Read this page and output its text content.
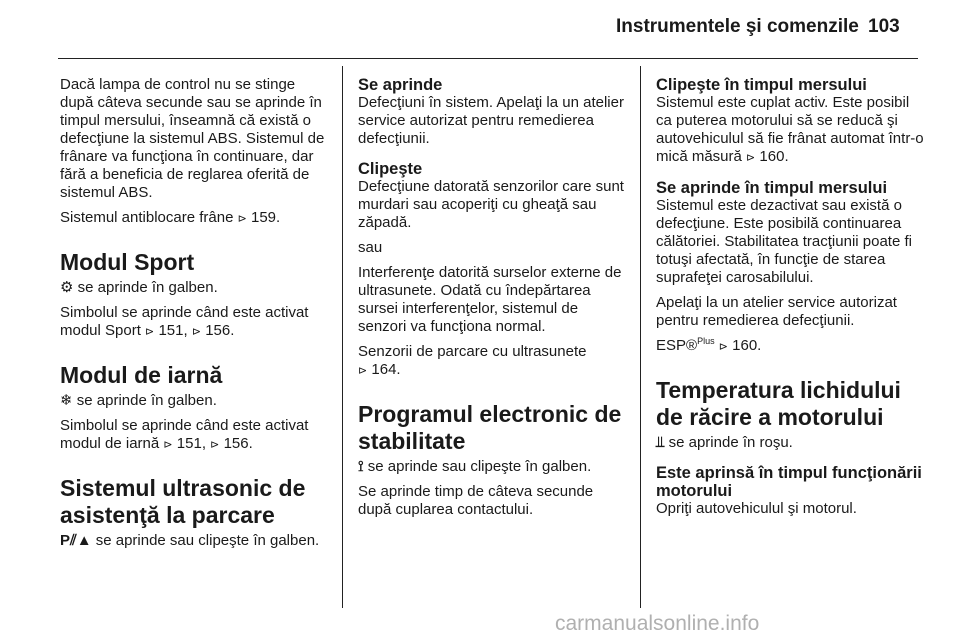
Instrumentele şi comenzile 103

Dacă lampa de control nu se stinge după câteva secunde sau se aprinde în timpul mersului, înseamnă că există o defecţiune la sistemul ABS. Sistemul de frânare va funcţiona în continuare, dar fără a beneficia de reglarea oferită de sistemul ABS.

Sistemul antiblocare frâne ⊳ 159.

Modul Sport

⚙ se aprinde în galben.

Simbolul se aprinde când este activat modul Sport ⊳ 151, ⊳ 156.

Modul de iarnă

❄ se aprinde în galben.

Simbolul se aprinde când este activat modul de iarnă ⊳ 151, ⊳ 156.

Sistemul ultrasonic de asistenţă la parcare

P⫽▲ se aprinde sau clipeşte în galben.

Se aprinde

Defecţiuni în sistem. Apelaţi la un atelier service autorizat pentru remedierea defecţiunii.

Clipeşte

Defecţiune datorată senzorilor care sunt murdari sau acoperiţi cu gheaţă sau zăpadă.

sau

Interferenţe datorită surselor externe de ultrasunete. Odată cu îndepărtarea sursei interferenţelor, sistemul de senzori va funcţiona normal.

Senzorii de parcare cu ultrasunete
⊳ 164.

Programul electronic de stabilitate

⟟ se aprinde sau clipeşte în galben.

Se aprinde timp de câteva secunde după cuplarea contactului.

Clipeşte în timpul mersului

Sistemul este cuplat activ. Este posibil ca puterea motorului să se reducă şi autovehiculul să fie frânat automat într-o mică măsură ⊳ 160.

Se aprinde în timpul mersului

Sistemul este dezactivat sau există o defecţiune. Este posibilă continuarea călătoriei. Stabilitatea tracţiunii poate fi totuşi afectată, în funcţie de starea suprafeţei carosabilului.

Apelaţi la un atelier service autorizat pentru remedierea defecţiunii.

ESP®$^{Plus}$ ⊳ 160.

Temperatura lichidului de răcire a motorului

⫫ se aprinde în roşu.

Este aprinsă în timpul funcţionării motorului

Opriţi autovehiculul şi motorul.

carmanualsonline.info
